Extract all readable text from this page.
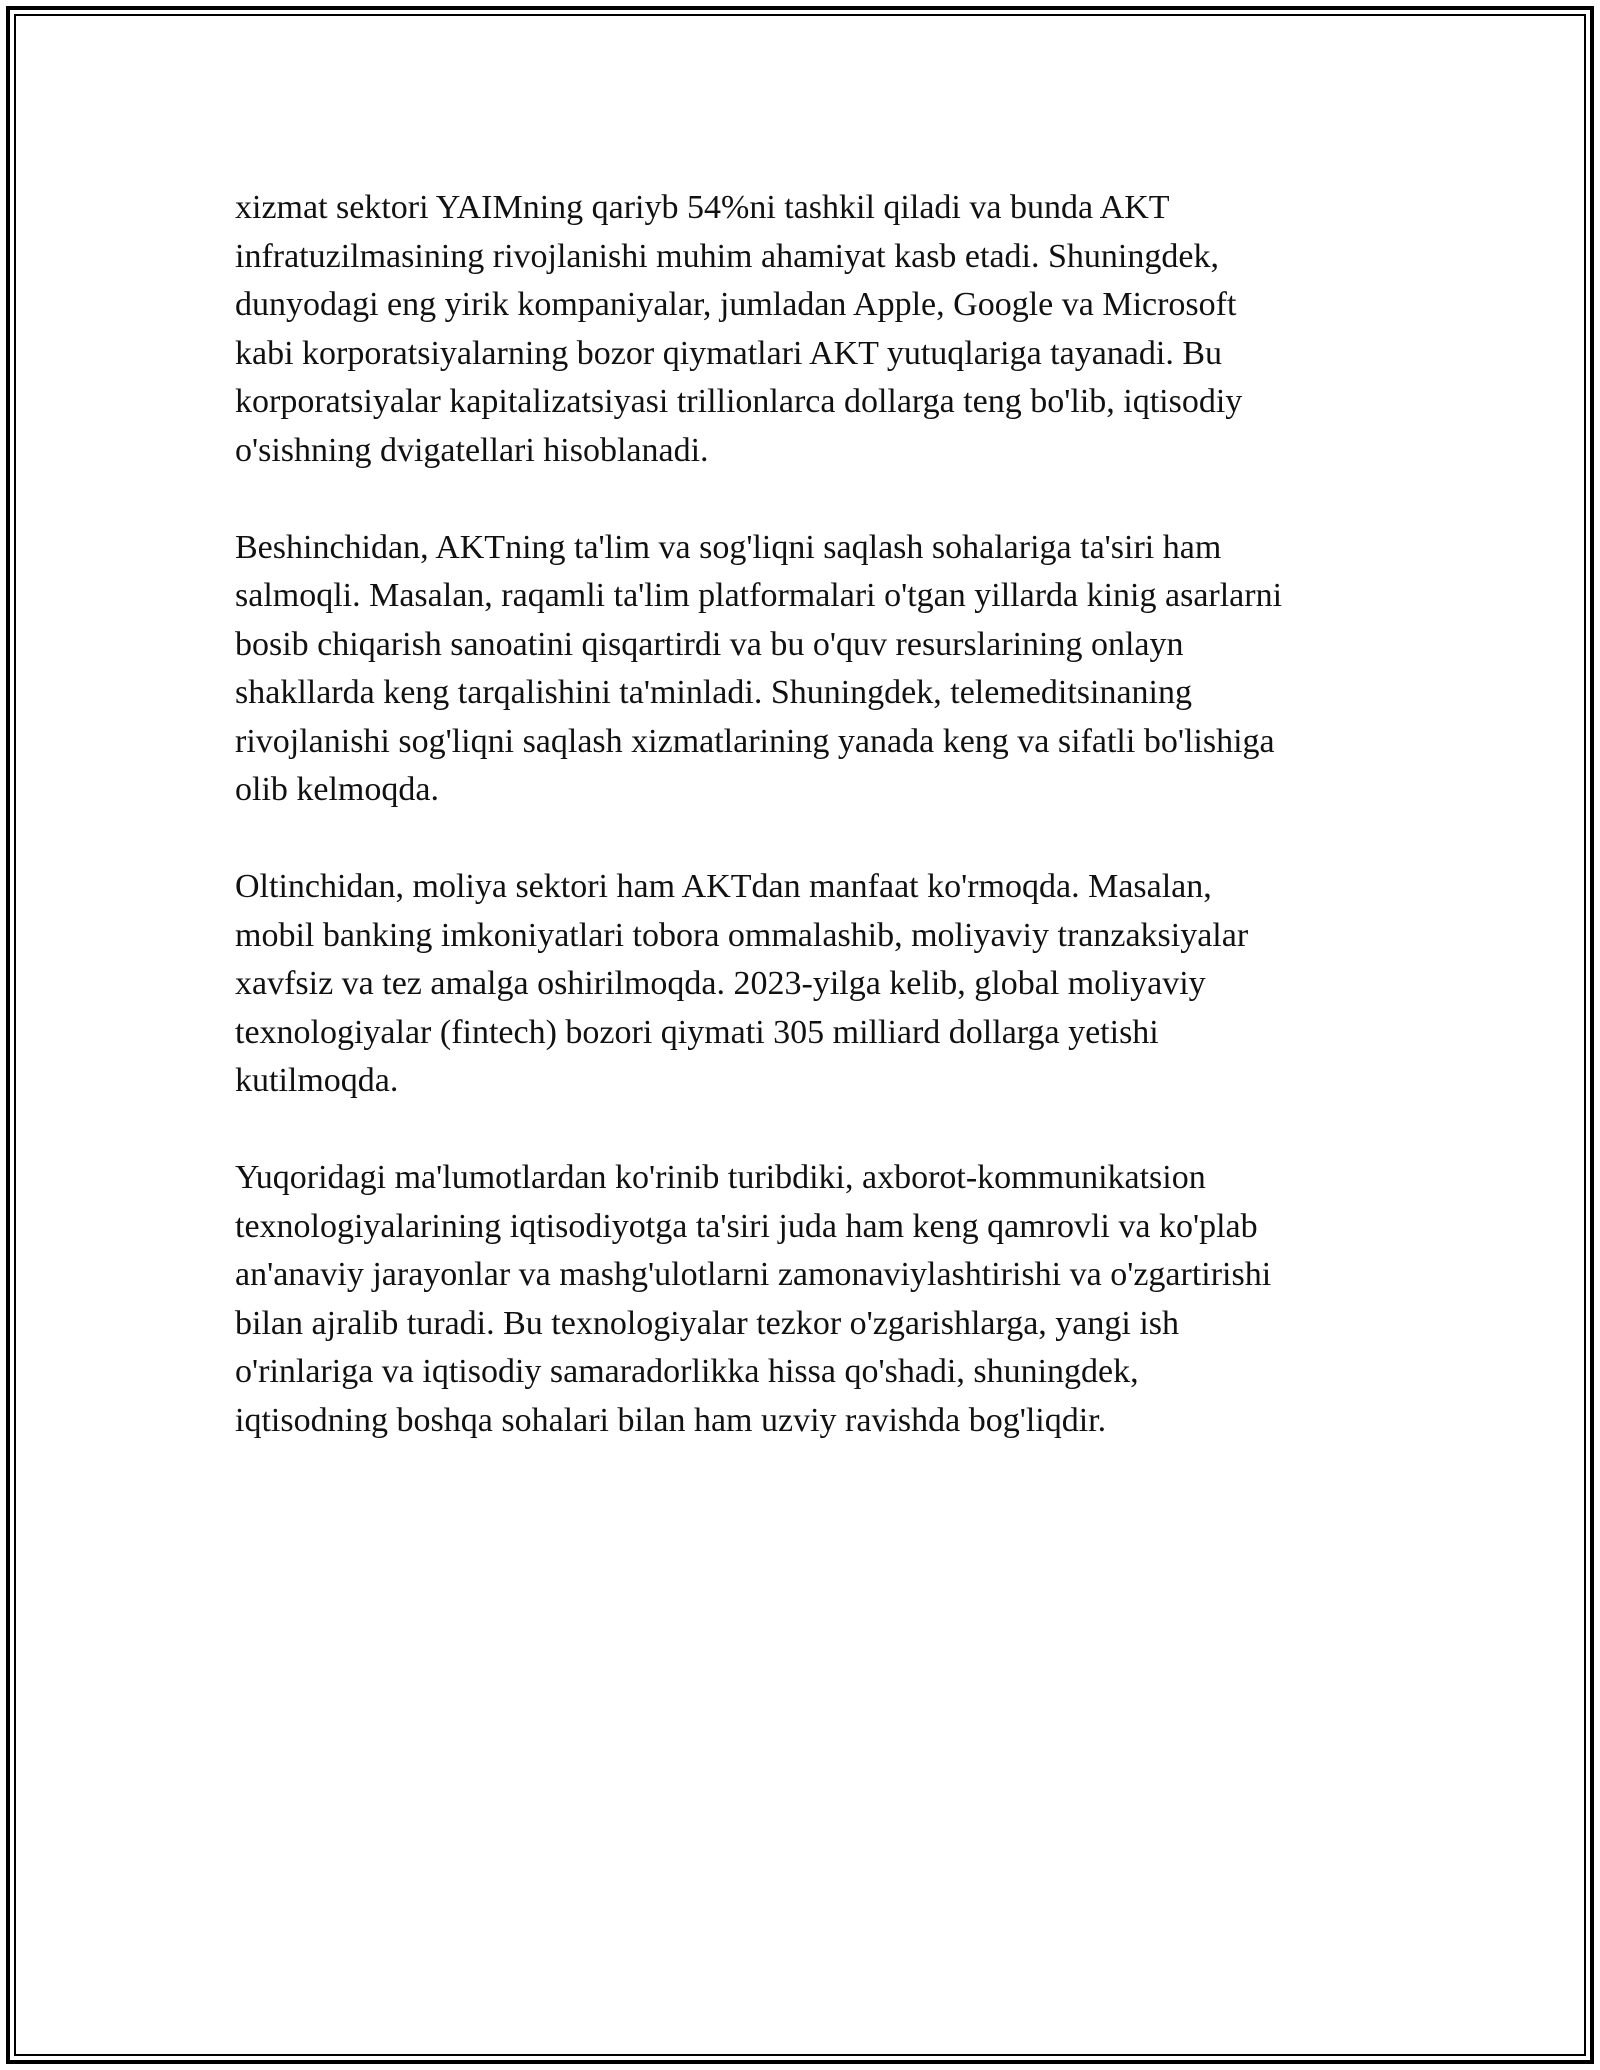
xizmat sektori YAIMning qariyb 54%ni tashkil qiladi va bunda AKT
infratuzilmasining rivojlanishi muhim ahamiyat kasb etadi. Shuningdek,
dunyodagi eng yirik kompaniyalar, jumladan Apple, Google va Microsoft
kabi korporatsiyalarning bozor qiymatlari AKT yutuqlariga tayanadi. Bu
korporatsiyalar kapitalizatsiyasi trillionlarca dollarga teng bo'lib, iqtisodiy
o'sishning dvigatellari hisoblanadi.

Beshinchidan, AKTning ta'lim va sog'liqni saqlash sohalariga ta'siri ham
salmoqli. Masalan, raqamli ta'lim platformalari o'tgan yillarda kinig asarlarni
bosib chiqarish sanoatini qisqartirdi va bu o'quv resurslarining onlayn
shakllarda keng tarqalishini ta'minladi. Shuningdek, telemeditsinaning
rivojlanishi sog'liqni saqlash xizmatlarining yanada keng va sifatli bo'lishiga
olib kelmoqda.

Oltinchidan, moliya sektori ham AKTdan manfaat ko'rmoqda. Masalan,
mobil banking imkoniyatlari tobora ommalashib, moliyaviy tranzaksiyalar
xavfsiz va tez amalga oshirilmoqda. 2023-yilga kelib, global moliyaviy
texnologiyalar (fintech) bozori qiymati 305 milliard dollarga yetishi
kutilmoqda.

Yuqoridagi ma'lumotlardan ko'rinib turibdiki, axborot-kommunikatsion
texnologiyalarining iqtisodiyotga ta'siri juda ham keng qamrovli va ko'plab
an'anaviy jarayonlar va mashg'ulotlarni zamonaviylashtirishi va o'zgartirishi
bilan ajralib turadi. Bu texnologiyalar tezkor o'zgarishlarga, yangi ish
o'rinlariga va iqtisodiy samaradorlikka hissa qo'shadi, shuningdek,
iqtisodning boshqa sohalari bilan ham uzviy ravishda bog'liqdir.
